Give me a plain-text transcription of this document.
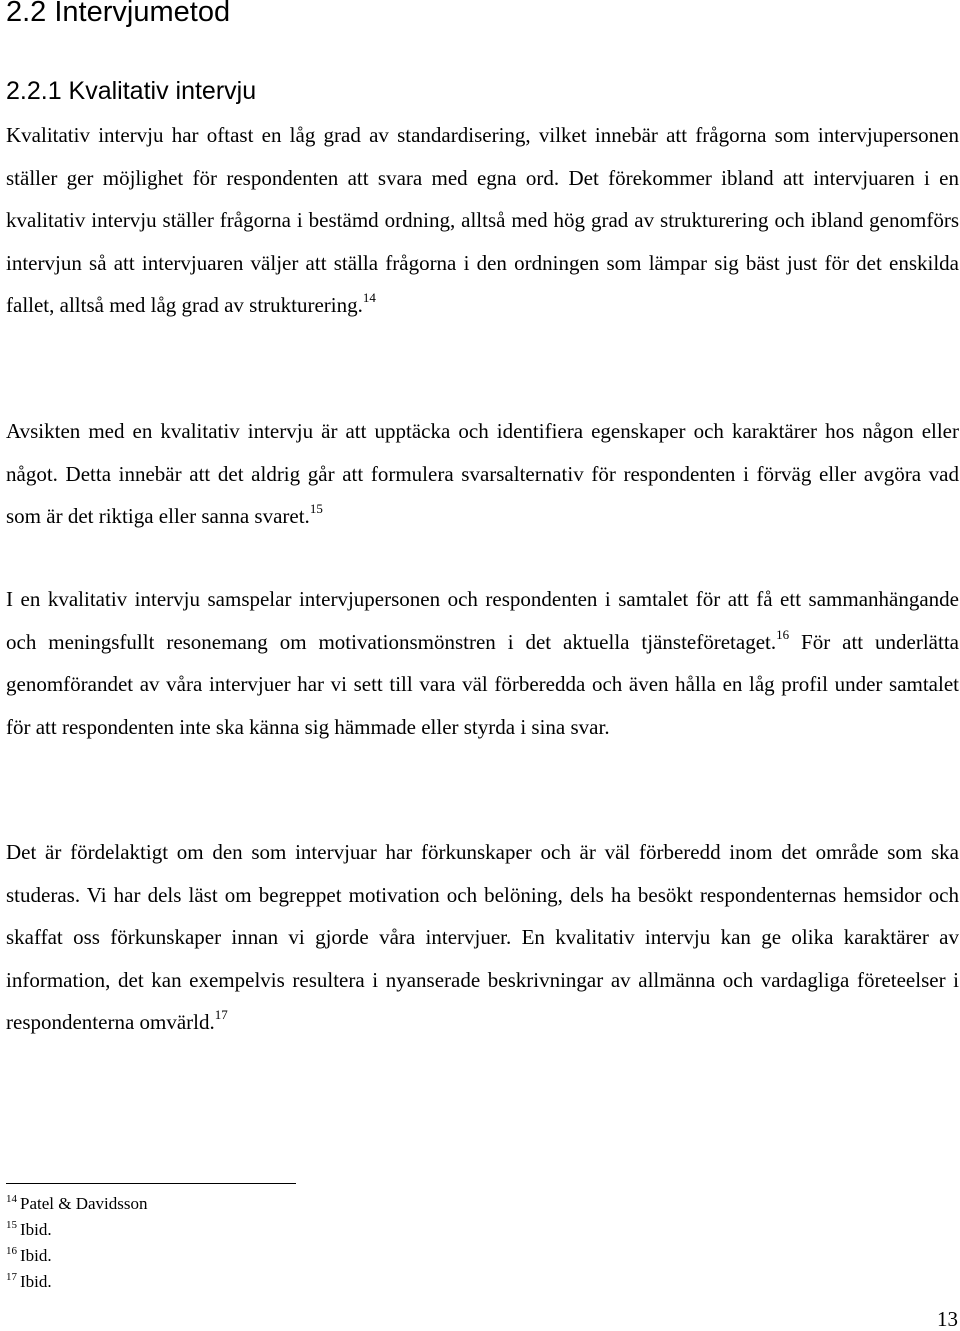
2.2 Intervjumetod
2.2.1 Kvalitativ intervju

Kvalitativ intervju har oftast en låg grad av standardisering, vilket innebär att frågorna som intervjupersonen ställer ger möjlighet för respondenten att svara med egna ord. Det förekommer ibland att intervjuaren i en kvalitativ intervju ställer frågorna i bestämd ordning, alltså med hög grad av strukturering och ibland genomförs intervjun så att intervjuaren väljer att ställa frågorna i den ordningen som lämpar sig bäst just för det enskilda fallet, alltså med låg grad av strukturering.$^{14}$

Avsikten med en kvalitativ intervju är att upptäcka och identifiera egenskaper och karaktärer hos någon eller något. Detta innebär att det aldrig går att formulera svarsalternativ för respondenten i förväg eller avgöra vad som är det riktiga eller sanna svaret.$^{15}$

I en kvalitativ intervju samspelar intervjupersonen och respondenten i samtalet för att få ett sammanhängande och meningsfullt resonemang om motivationsmönstren i det aktuella tjänsteföretaget.$^{16}$ För att underlätta genomförandet av våra intervjuer har vi sett till vara väl förberedda och även hålla en låg profil under samtalet för att respondenten inte ska känna sig hämmade eller styrda i sina svar.

Det är fördelaktigt om den som intervjuar har förkunskaper och är väl förberedd inom det område som ska studeras. Vi har dels läst om begreppet motivation och belöning, dels ha besökt respondenternas hemsidor och skaffat oss förkunskaper innan vi gjorde våra intervjuer. En kvalitativ intervju kan ge olika karaktärer av information, det kan exempelvis resultera i nyanserade beskrivningar av allmänna och vardagliga företeelser i respondenterna omvärld.$^{17}$

$^{14}$ Patel & Davidsson
$^{15}$ Ibid.
$^{16}$ Ibid.
$^{17}$ Ibid.
13
